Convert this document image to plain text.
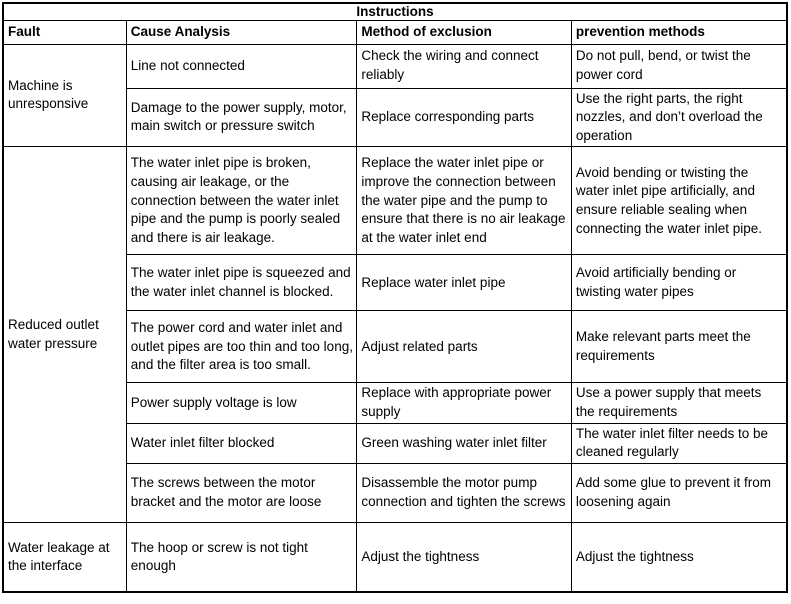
Instructions			
Fault	Cause Analysis	Method of exclusion	prevention methods
Machine is unresponsive	Line not connected	Check the wiring and connect reliably	Do not pull, bend, or twist the power cord
	Damage to the power supply, motor, main switch or pressure switch	Replace corresponding parts	Use the right parts, the right nozzles, and don’t overload the operation
Reduced outlet water pressure	The water inlet pipe is broken, causing air leakage, or the connection between the water inlet pipe and the pump is poorly sealed and there is air leakage.	Replace the water inlet pipe or improve the connection between the water pipe and the pump to ensure that there is no air leakage at the water inlet end	Avoid bending or twisting the water inlet pipe artificially, and ensure reliable sealing when connecting the water inlet pipe.
	The water inlet pipe is squeezed and the water inlet channel is blocked.	Replace water inlet pipe	Avoid artificially bending or twisting water pipes
	The power cord and water inlet and outlet pipes are too thin and too long, and the filter area is too small.	Adjust related parts	Make relevant parts meet the requirements
	Power supply voltage is low	Replace with appropriate power supply	Use a power supply that meets the requirements
	Water inlet filter blocked	Green washing water inlet filter	The water inlet filter needs to be cleaned regularly
	The screws between the motor bracket and the motor are loose	Disassemble the motor pump connection and tighten the screws	Add some glue to prevent it from loosening again
Water leakage at the interface	The hoop or screw is not tight enough	Adjust the tightness	Adjust the tightness
